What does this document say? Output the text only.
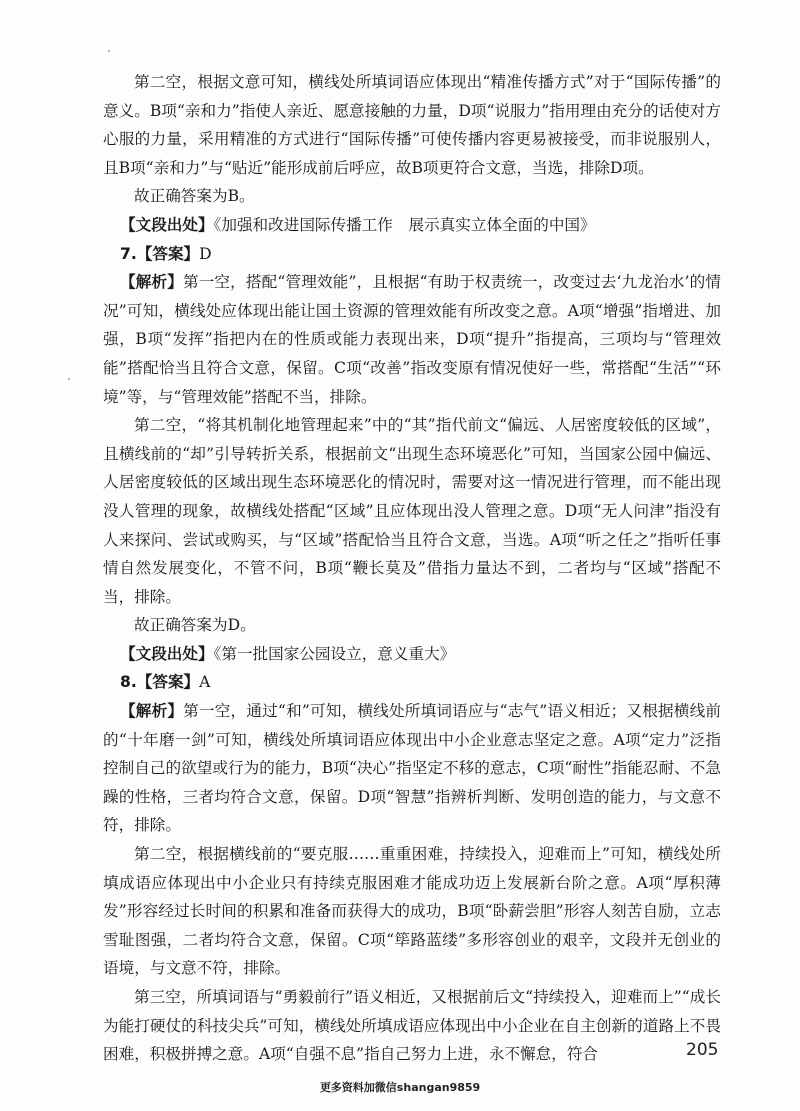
第二空，根据文意可知，横线处所填词语应体现出“精准传播方式”对于“国际传播”的意义。B项“亲和力”指使人亲近、愿意接触的力量，D项“说服力”指用理由充分的话使对方心服的力量，采用精准的方式进行“国际传播”可使传播内容更易被接受，而非说服别人，且B项“亲和力”与“贴近”能形成前后呼应，故B项更符合文意，当选，排除D项。

故正确答案为B。

【文段出处】《加强和改进国际传播工作　展示真实立体全面的中国》

7.【答案】D

【解析】第一空，搭配“管理效能”，且根据“有助于权责统一，改变过去‘九龙治水’的情况”可知，横线处应体现出能让国土资源的管理效能有所改变之意。A项“增强”指增进、加强，B项“发挥”指把内在的性质或能力表现出来，D项“提升”指提高，三项均与“管理效能”搭配恰当且符合文意，保留。C项“改善”指改变原有情况使好一些，常搭配“生活”“环境”等，与“管理效能”搭配不当，排除。

第二空，“将其机制化地管理起来”中的“其”指代前文“偏远、人居密度较低的区域”，且横线前的“却”引导转折关系，根据前文“出现生态环境恶化”可知，当国家公园中偏远、人居密度较低的区域出现生态环境恶化的情况时，需要对这一情况进行管理，而不能出现没人管理的现象，故横线处搭配“区域”且应体现出没人管理之意。D项“无人问津”指没有人来探问、尝试或购买，与“区域”搭配恰当且符合文意，当选。A项“听之任之”指听任事情自然发展变化，不管不问，B项“鞭长莫及”借指力量达不到，二者均与“区域”搭配不当，排除。

故正确答案为D。

【文段出处】《第一批国家公园设立，意义重大》

8.【答案】A

【解析】第一空，通过“和”可知，横线处所填词语应与“志气”语义相近；又根据横线前的“十年磨一剑”可知，横线处所填词语应体现出中小企业意志坚定之意。A项“定力”泛指控制自己的欲望或行为的能力，B项“决心”指坚定不移的意志，C项“耐性”指能忍耐、不急躁的性格，三者均符合文意，保留。D项“智慧”指辨析判断、发明创造的能力，与文意不符，排除。

第二空，根据横线前的“要克服……重重困难，持续投入，迎难而上”可知，横线处所填成语应体现出中小企业只有持续克服困难才能成功迈上发展新台阶之意。A项“厚积薄发”形容经过长时间的积累和准备而获得大的成功，B项“卧薪尝胆”形容人刻苦自励，立志雪耻图强，二者均符合文意，保留。C项“筚路蓝缕”多形容创业的艰辛，文段并无创业的语境，与文意不符，排除。

第三空，所填词语与“勇毅前行”语义相近，又根据前后文“持续投入，迎难而上”“成长为能打硬仗的科技尖兵”可知，横线处所填成语应体现出中小企业在自主创新的道路上不畏困难，积极拼搏之意。A项“自强不息”指自己努力上进，永不懈怠，符合	205
更多资料加微信shangan9859
